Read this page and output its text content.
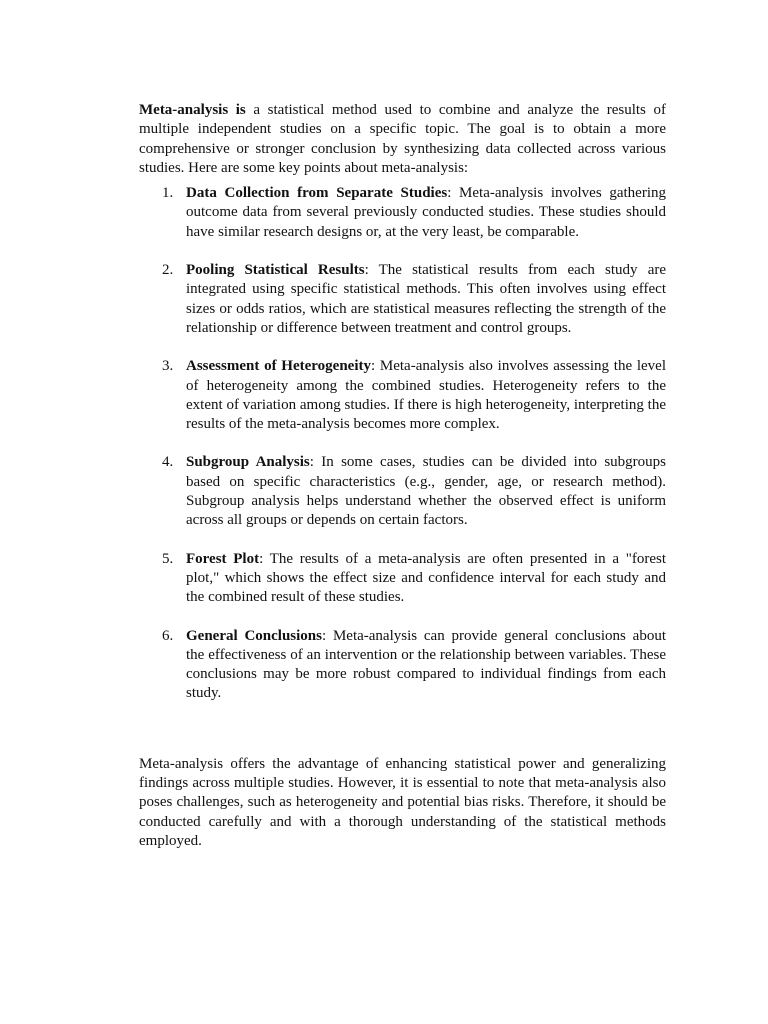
Meta-analysis is a statistical method used to combine and analyze the results of multiple independent studies on a specific topic. The goal is to obtain a more comprehensive or stronger conclusion by synthesizing data collected across various studies. Here are some key points about meta-analysis:

1. Data Collection from Separate Studies: Meta-analysis involves gathering outcome data from several previously conducted studies. These studies should have similar research designs or, at the very least, be comparable.
2. Pooling Statistical Results: The statistical results from each study are integrated using specific statistical methods. This often involves using effect sizes or odds ratios, which are statistical measures reflecting the strength of the relationship or difference between treatment and control groups.
3. Assessment of Heterogeneity: Meta-analysis also involves assessing the level of heterogeneity among the combined studies. Heterogeneity refers to the extent of variation among studies. If there is high heterogeneity, interpreting the results of the meta-analysis becomes more complex.
4. Subgroup Analysis: In some cases, studies can be divided into subgroups based on specific characteristics (e.g., gender, age, or research method). Subgroup analysis helps understand whether the observed effect is uniform across all groups or depends on certain factors.
5. Forest Plot: The results of a meta-analysis are often presented in a "forest plot," which shows the effect size and confidence interval for each study and the combined result of these studies.
6. General Conclusions: Meta-analysis can provide general conclusions about the effectiveness of an intervention or the relationship between variables. These conclusions may be more robust compared to individual findings from each study.

Meta-analysis offers the advantage of enhancing statistical power and generalizing findings across multiple studies. However, it is essential to note that meta-analysis also poses challenges, such as heterogeneity and potential bias risks. Therefore, it should be conducted carefully and with a thorough understanding of the statistical methods employed.
